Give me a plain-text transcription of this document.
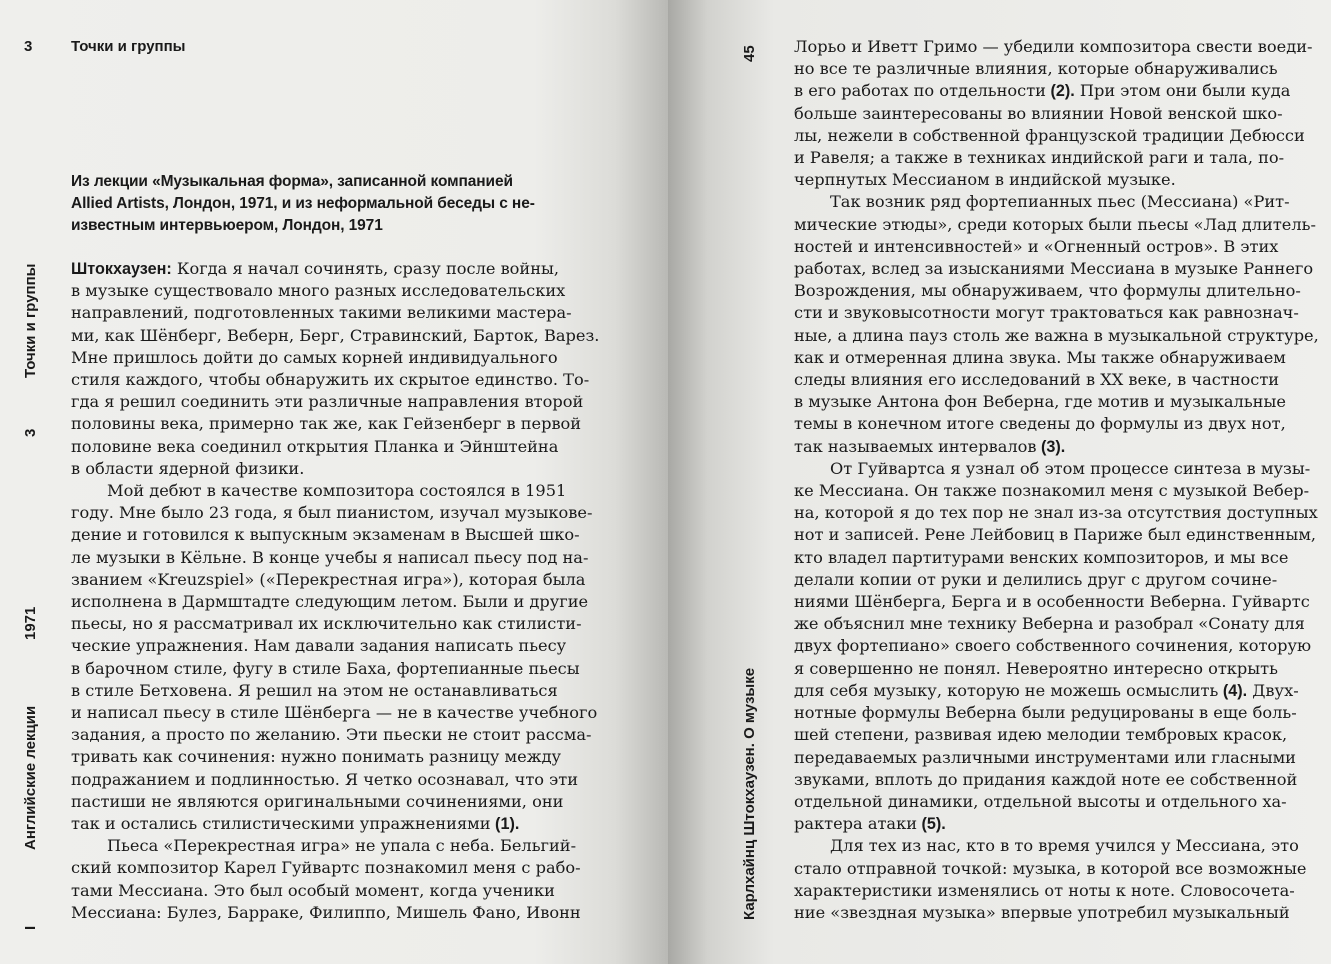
3	Точки и группы
Из лекции «Музыкальная форма», записанной компанией
Allied Artists, Лондон, 1971, и из неформальной беседы с не-
известным интервьюером, Лондон, 1971
Штокхаузен: Когда я начал сочинять, сразу после войны,
в музыке существовало много разных исследовательских
направлений, подготовленных такими великими мастера-
ми, как Шёнберг, Веберн, Берг, Стравинский, Барток, Варез.
Мне пришлось дойти до самых корней индивидуального
стиля каждого, чтобы обнаружить их скрытое единство. То-
гда я решил соединить эти различные направления второй
половины века, примерно так же, как Гейзенберг в первой
половине века соединил открытия Планка и Эйнштейна
в области ядерной физики.
Мой дебют в качестве композитора состоялся в 1951
году. Мне было 23 года, я был пианистом, изучал музыкове-
дение и готовился к выпускным экзаменам в Высшей шко-
ле музыки в Кёльне. В конце учебы я написал пьесу под на-
званием «Kreuzspiel» («Перекрестная игра»), которая была
исполнена в Дармштадте следующим летом. Были и другие
пьесы, но я рассматривал их исключительно как стилисти-
ческие упражнения. Нам давали задания написать пьесу
в барочном стиле, фугу в стиле Баха, фортепианные пьесы
в стиле Бетховена. Я решил на этом не останавливаться
и написал пьесу в стиле Шёнберга — не в качестве учебного
задания, а просто по желанию. Эти пьески не стоит рассма-
тривать как сочинения: нужно понимать разницу между
подражанием и подлинностью. Я четко осознавал, что эти
пастиши не являются оригинальными сочинениями, они
так и остались стилистическими упражнениями (1).
Пьеса «Перекрестная игра» не упала с неба. Бельгий-
ский композитор Карел Гуйвартс познакомил меня с рабо-
тами Мессиана. Это был особый момент, когда ученики
Мессиана: Булез, Барраке, Филиппо, Мишель Фано, Ивонн
Точки и группы
3
1971
Английские лекции
I
45
Карлхайнц Штокхаузен. О музыке
Лорьо и Иветт Гримо — убедили композитора свести воеди-
но все те различные влияния, которые обнаруживались
в его работах по отдельности (2). При этом они были куда
больше заинтересованы во влиянии Новой венской шко-
лы, нежели в собственной французской традиции Дебюсси
и Равеля; а также в техниках индийской раги и тала, по-
черпнутых Мессианом в индийской музыке.
Так возник ряд фортепианных пьес (Мессиана) «Рит-
мические этюды», среди которых были пьесы «Лад длитель-
ностей и интенсивностей» и «Огненный остров». В этих
работах, вслед за изысканиями Мессиана в музыке Раннего
Возрождения, мы обнаруживаем, что формулы длительно-
сти и звуковысотности могут трактоваться как равнознач-
ные, а длина пауз столь же важна в музыкальной структуре,
как и отмеренная длина звука. Мы также обнаруживаем
следы влияния его исследований в XX веке, в частности
в музыке Антона фон Веберна, где мотив и музыкальные
темы в конечном итоге сведены до формулы из двух нот,
так называемых интервалов (3).
От Гуйвартса я узнал об этом процессе синтеза в музы-
ке Мессиана. Он также познакомил меня с музыкой Вебер-
на, которой я до тех пор не знал из-за отсутствия доступных
нот и записей. Рене Лейбовиц в Париже был единственным,
кто владел партитурами венских композиторов, и мы все
делали копии от руки и делились друг с другом сочине-
ниями Шёнберга, Берга и в особенности Веберна. Гуйвартс
же объяснил мне технику Веберна и разобрал «Сонату для
двух фортепиано» своего собственного сочинения, которую
я совершенно не понял. Невероятно интересно открыть
для себя музыку, которую не можешь осмыслить (4). Двух-
нотные формулы Веберна были редуцированы в еще боль-
шей степени, развивая идею мелодии тембровых красок,
передаваемых различными инструментами или гласными
звуками, вплоть до придания каждой ноте ее собственной
отдельной динамики, отдельной высоты и отдельного ха-
рактера атаки (5).
Для тех из нас, кто в то время учился у Мессиана, это
стало отправной точкой: музыка, в которой все возможные
характеристики изменялись от ноты к ноте. Словосочета-
ние «звездная музыка» впервые употребил музыкальный
